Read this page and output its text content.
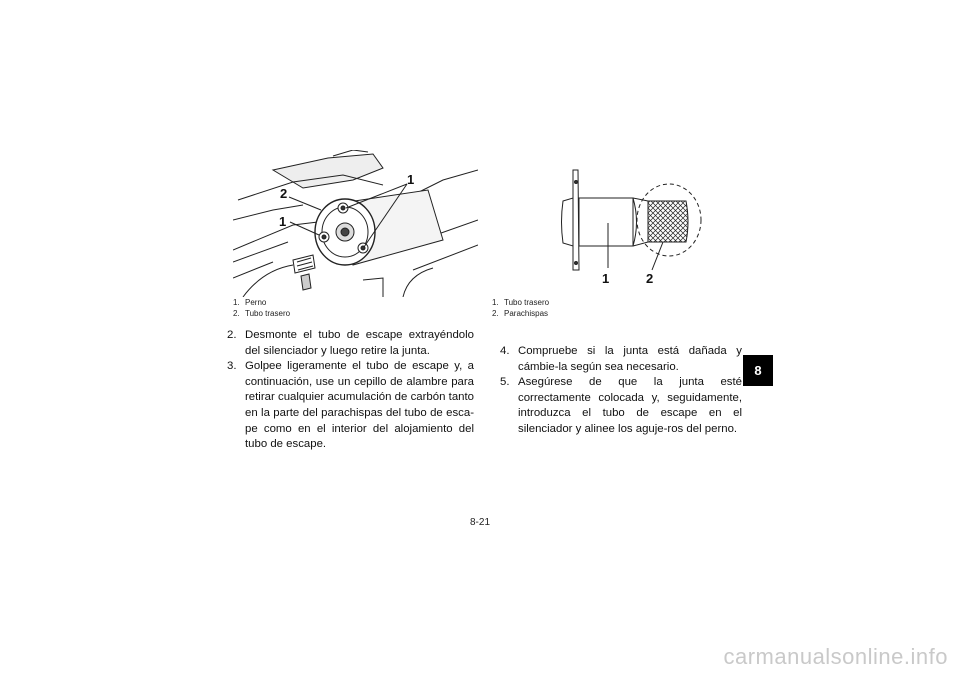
2
1
1
1. Perno
2. Tubo trasero
1	2
1. Tubo trasero
2. Parachispas
2. Desmonte el tubo de escape extrayéndolo del silenciador y luego retire la junta.
3. Golpee ligeramente el tubo de escape y, a continuación, use un cepillo de alambre para retirar cualquier acumulación de carbón tanto en la parte del parachispas del tubo de esca-pe como en el interior del alojamiento del tubo de escape.
4. Compruebe si la junta está dañada y cámbie-la según sea necesario.
5. Asegúrese de que la junta esté correctamente colocada y, seguidamente, introduzca el tubo de escape en el silenciador y alinee los aguje-ros del perno.
8
8-21
carmanualsonline.info
